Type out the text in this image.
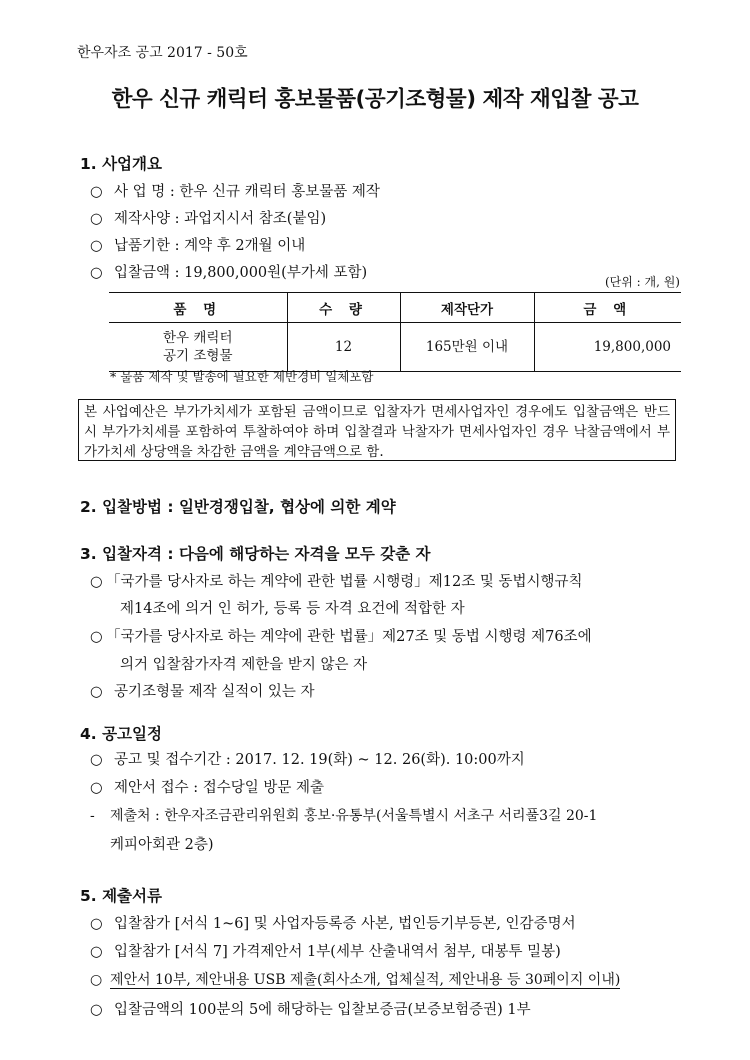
한우자조 공고 2017 - 50호
한우 신규 캐릭터 홍보물품(공기조형물) 제작 재입찰 공고
1. 사업개요
○ 사 업 명 : 한우 신규 캐릭터 홍보물품 제작
○ 제작사양 : 과업지시서 참조(붙임)
○ 납품기한 : 계약 후 2개월 이내
○ 입찰금액 : 19,800,000원(부가세 포함)
(단위 : 개, 원)
품 명	수 량	제작단가	금 액

한우 캐릭터
공기 조형물	12	165만원 이내	19,800,000
* 물품 제작 및 발송에 필요한 제반경비 일체포함
본 사업예산은 부가가치세가 포함된 금액이므로 입찰자가 면세사업자인 경우에도 입찰금액은 반드시 부가가치세를 포함하여 투찰하여야 하며 입찰결과 낙찰자가 면세사업자인 경우 낙찰금액에서 부가가치세 상당액을 차감한 금액을 계약금액으로 함.
2. 입찰방법 : 일반경쟁입찰, 협상에 의한 계약
3. 입찰자격 : 다음에 해당하는 자격을 모두 갖춘 자
○ 「국가를 당사자로 하는 계약에 관한 법률 시행령」제12조 및 동법시행규칙
제14조에 의거 인 허가, 등록 등 자격 요건에 적합한 자
○ 「국가를 당사자로 하는 계약에 관한 법률」제27조 및 동법 시행령 제76조에
의거 입찰참가자격 제한을 받지 않은 자
○ 공기조형물 제작 실적이 있는 자
4. 공고일정
○ 공고 및 접수기간 : 2017. 12. 19(화) ~ 12. 26(화). 10:00까지
○ 제안서 접수 : 접수당일 방문 제출
- 제출처 : 한우자조금관리위원회 홍보·유통부(서울특별시 서초구 서리풀3길 20-1
케피아회관 2층)
5. 제출서류
○ 입찰참가 [서식 1~6] 및 사업자등록증 사본, 법인등기부등본, 인감증명서
○ 입찰참가 [서식 7] 가격제안서 1부(세부 산출내역서 첨부, 대봉투 밀봉)
○ 제안서 10부, 제안내용 USB 제출(회사소개, 업체실적, 제안내용 등 30페이지 이내)
○ 입찰금액의 100분의 5에 해당하는 입찰보증금(보증보험증권) 1부
